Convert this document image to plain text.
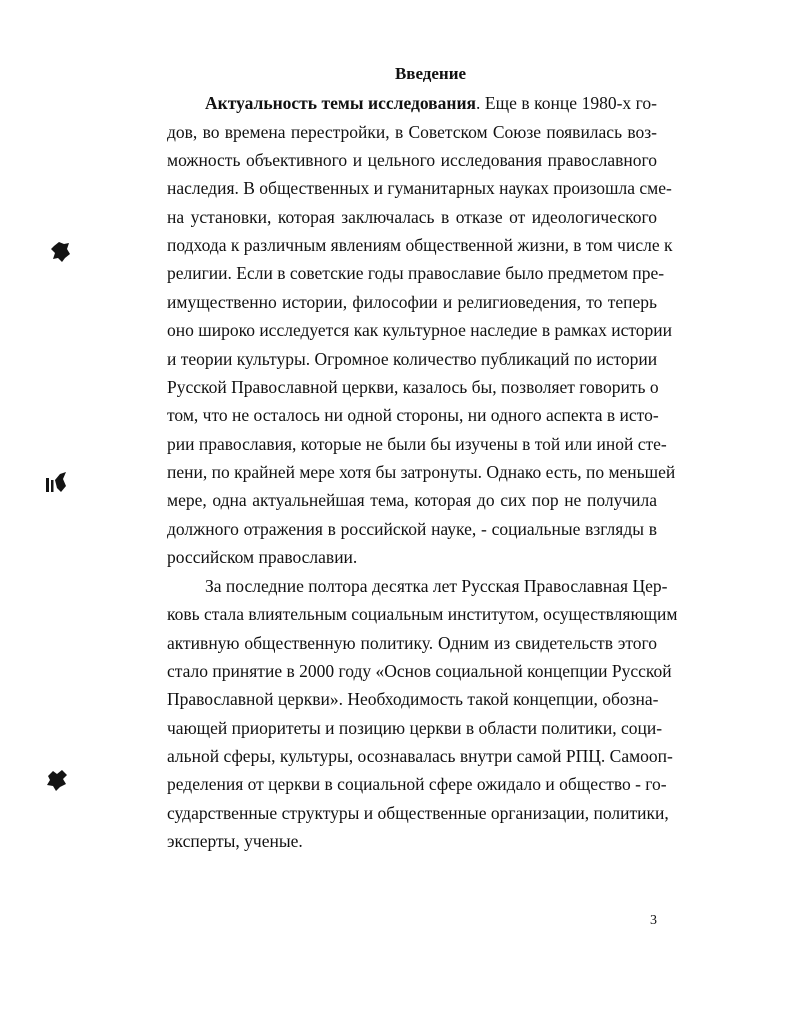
Введение
Актуальность темы исследования. Еще в конце 1980-х го-
дов, во времена перестройки, в Советском Союзе появилась воз-
можность объективного и цельного исследования православного
наследия. В общественных и гуманитарных науках произошла сме-
на установки, которая заключалась в отказе от идеологического
подхода к различным явлениям общественной жизни, в том числе к
религии. Если в советские годы православие было предметом пре-
имущественно истории, философии и религиоведения, то теперь
оно широко исследуется как культурное наследие в рамках истории
и теории культуры. Огромное количество публикаций по истории
Русской Православной церкви, казалось бы, позволяет говорить о
том, что не осталось ни одной стороны, ни одного аспекта в исто-
рии православия, которые не были бы изучены в той или иной сте-
пени, по крайней мере хотя бы затронуты. Однако есть, по меньшей
мере, одна актуальнейшая тема, которая до сих пор не получила
должного отражения в российской науке, - социальные взгляды в
российском православии.
За последние полтора десятка лет Русская Православная Цер-
ковь стала влиятельным социальным институтом, осуществляющим
активную общественную политику. Одним из свидетельств этого
стало принятие в 2000 году «Основ социальной концепции Русской
Православной церкви». Необходимость такой концепции, обозна-
чающей приоритеты и позицию церкви в области политики, соци-
альной сферы, культуры, осознавалась внутри самой РПЦ. Самооп-
ределения от церкви в социальной сфере ожидало и общество - го-
сударственные структуры и общественные организации, политики,
эксперты, ученые.
3
